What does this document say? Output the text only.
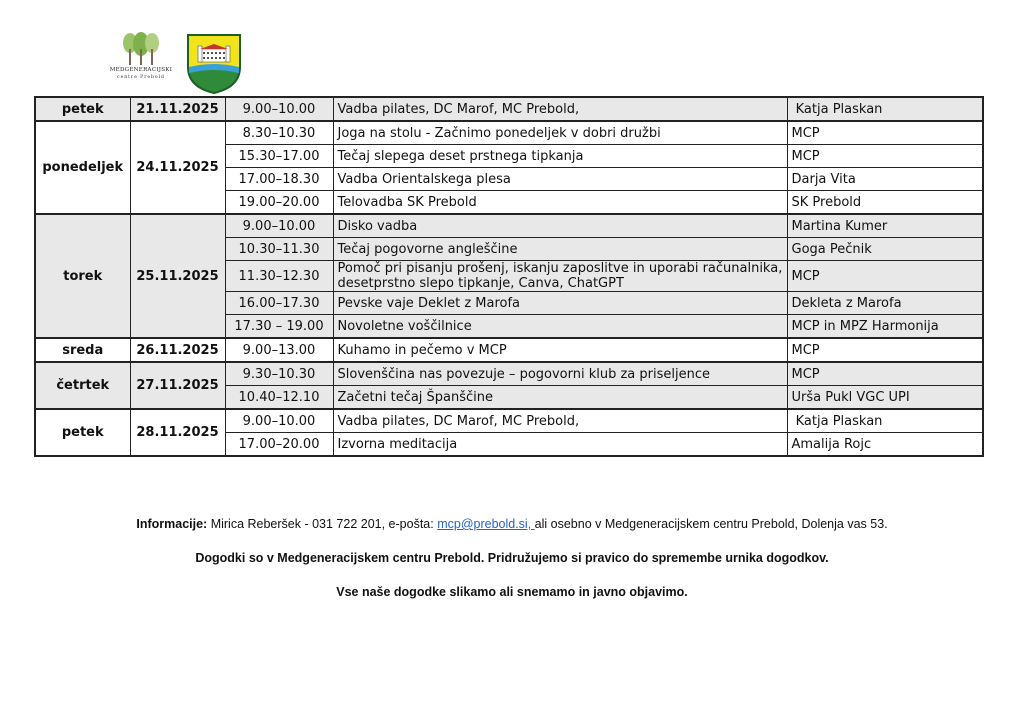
MEDGENERACIJSKI
centre Prebold
petek	21.11.2025	9.00–10.00	Vadba pilates, DC Marof, MC Prebold,	Katja Plaskan
ponedeljek	24.11.2025	8.30–10.30	Joga na stolu - Začnimo ponedeljek v dobri družbi	MCP
		15.30–17.00	Tečaj slepega deset prstnega tipkanja	MCP
		17.00–18.30	Vadba Orientalskega plesa	Darja Vita
		19.00–20.00	Telovadba SK Prebold	SK Prebold
torek	25.11.2025	9.00–10.00	Disko vadba	Martina Kumer
		10.30–11.30	Tečaj pogovorne angleščine	Goga Pečnik
		11.30–12.30	Pomoč pri pisanju prošenj, iskanju zaposlitve in uporabi računalnika, desetprstno slepo tipkanje, Canva, ChatGPT	MCP
		16.00–17.30	Pevske vaje Deklet z Marofa	Dekleta z Marofa
		17.30 – 19.00	Novoletne voščilnice	MCP in MPZ Harmonija
sreda	26.11.2025	9.00–13.00	Kuhamo in pečemo v MCP	MCP
četrtek	27.11.2025	9.30–10.30	Slovenščina nas povezuje – pogovorni klub za priseljence	MCP
		10.40–12.10	Začetni tečaj Španščine	Urša Pukl VGC UPI
petek	28.11.2025	9.00–10.00	Vadba pilates, DC Marof, MC Prebold,	Katja Plaskan
		17.00–20.00	Izvorna meditacija	Amalija Rojc
Informacije: Mirica Reberšek - 031 722 201, e-pošta: mcp@prebold.si, ali osebno v Medgeneracijskem centru Prebold, Dolenja vas 53.
Dogodki so v Medgeneracijskem centru Prebold. Pridružujemo si pravico do spremembe urnika dogodkov.
Vse naše dogodke slikamo ali snemamo in javno objavimo.
